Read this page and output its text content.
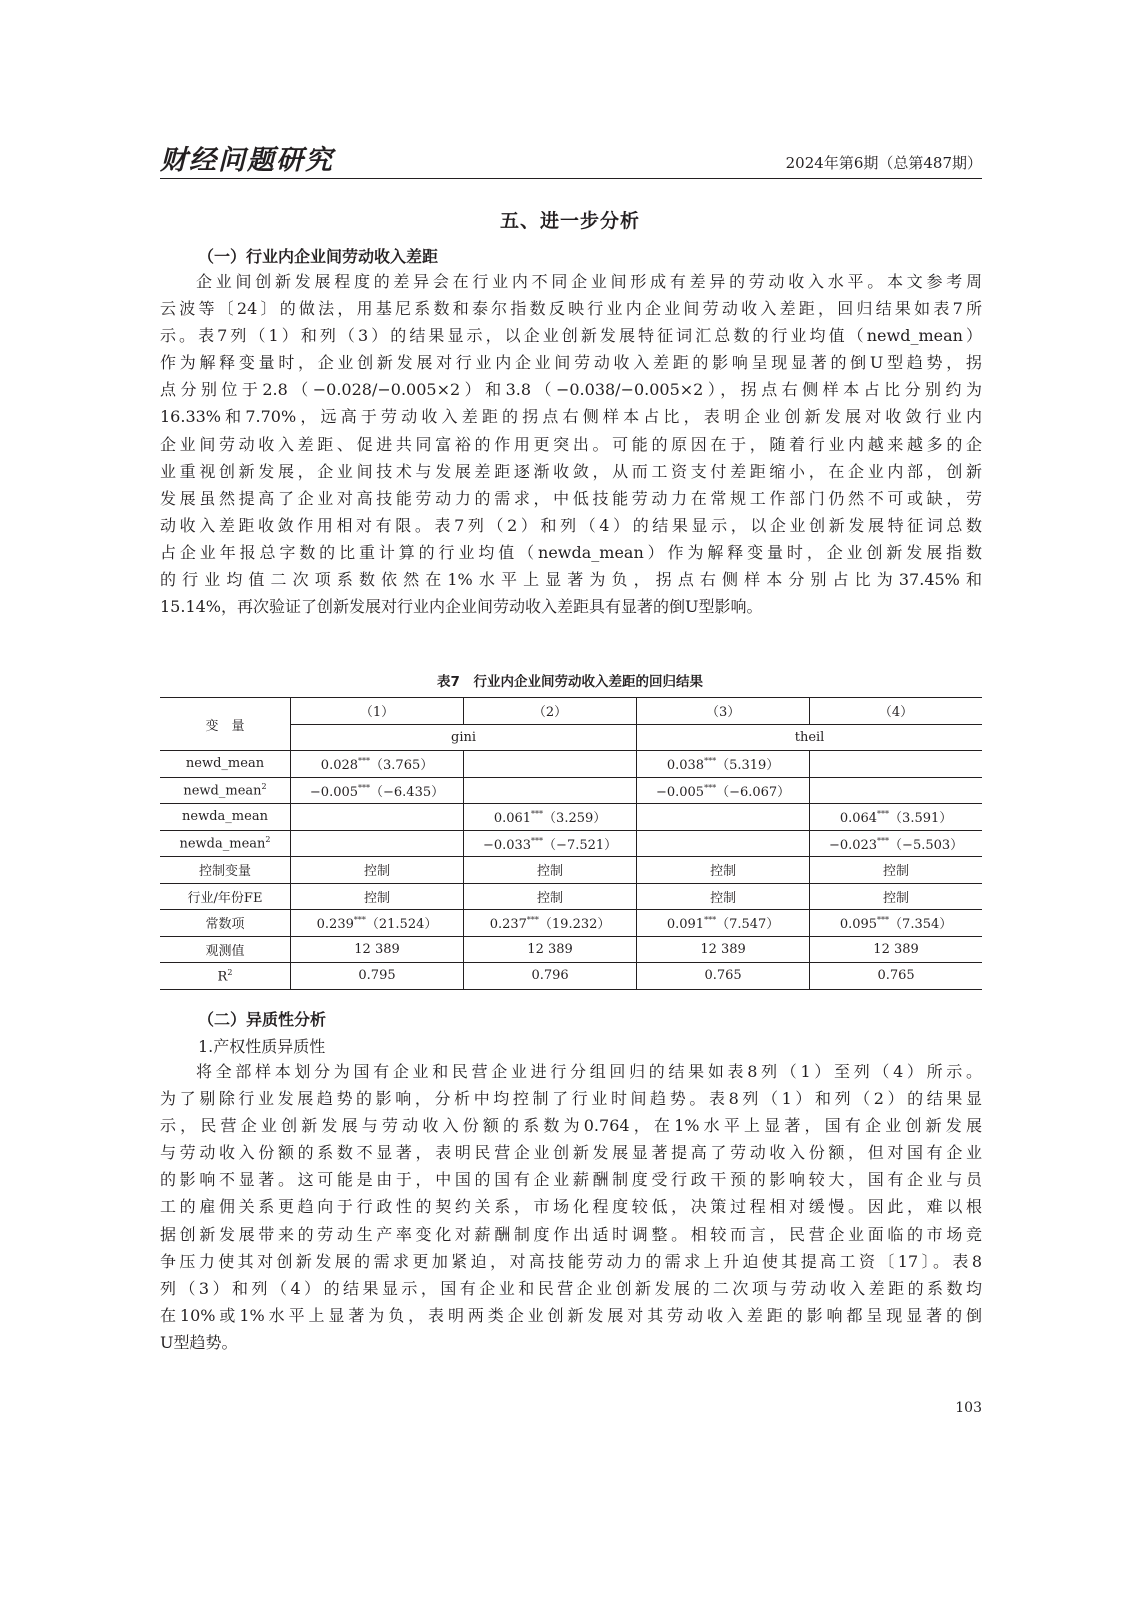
财经问题研究	2024年第6期（总第487期）
五、进一步分析
（一）行业内企业间劳动收入差距
企业间创新发展程度的差异会在行业内不同企业间形成有差异的劳动收入水平。本文参考周
云波等〔24〕的做法，用基尼系数和泰尔指数反映行业内企业间劳动收入差距，回归结果如表7所
示。表7列（1）和列（3）的结果显示，以企业创新发展特征词汇总数的行业均值（newd_mean）
作为解释变量时，企业创新发展对行业内企业间劳动收入差距的影响呈现显著的倒U型趋势，拐
点分别位于2.8（−0.028/−0.005×2）和3.8（−0.038/−0.005×2），拐点右侧样本占比分别约为
16.33%和7.70%，远高于劳动收入差距的拐点右侧样本占比，表明企业创新发展对收敛行业内
企业间劳动收入差距、促进共同富裕的作用更突出。可能的原因在于，随着行业内越来越多的企
业重视创新发展，企业间技术与发展差距逐渐收敛，从而工资支付差距缩小，在企业内部，创新
发展虽然提高了企业对高技能劳动力的需求，中低技能劳动力在常规工作部门仍然不可或缺，劳
动收入差距收敛作用相对有限。表7列（2）和列（4）的结果显示，以企业创新发展特征词总数
占企业年报总字数的比重计算的行业均值（newda_mean）作为解释变量时，企业创新发展指数
的行业均值二次项系数依然在1%水平上显著为负，拐点右侧样本分别占比为37.45%和
15.14%，再次验证了创新发展对行业内企业间劳动收入差距具有显著的倒U型影响。
表7　行业内企业间劳动收入差距的回归结果
变　量	（1）	（2）	（3）	（4）
	gini		theil	
newd_mean	0.028***（3.765）		0.038***（5.319）	
newd_mean$^2$	−0.005***（−6.435）		−0.005***（−6.067）	
newda_mean		0.061***（3.259）		0.064***（3.591）
newda_mean$^2$		−0.033***（−7.521）		−0.023***（−5.503）
控制变量	控制	控制	控制	控制
行业/年份FE	控制	控制	控制	控制
常数项	0.239***（21.524）	0.237***（19.232）	0.091***（7.547）	0.095***（7.354）
观测值	12 389	12 389	12 389	12 389
$R^2$	0.795	0.796	0.765	0.765
（二）异质性分析
1.产权性质异质性
将全部样本划分为国有企业和民营企业进行分组回归的结果如表8列（1）至列（4）所示。
为了剔除行业发展趋势的影响，分析中均控制了行业时间趋势。表8列（1）和列（2）的结果显
示，民营企业创新发展与劳动收入份额的系数为0.764，在1%水平上显著，国有企业创新发展
与劳动收入份额的系数不显著，表明民营企业创新发展显著提高了劳动收入份额，但对国有企业
的影响不显著。这可能是由于，中国的国有企业薪酬制度受行政干预的影响较大，国有企业与员
工的雇佣关系更趋向于行政性的契约关系，市场化程度较低，决策过程相对缓慢。因此，难以根
据创新发展带来的劳动生产率变化对薪酬制度作出适时调整。相较而言，民营企业面临的市场竞
争压力使其对创新发展的需求更加紧迫，对高技能劳动力的需求上升迫使其提高工资〔17〕。表8
列（3）和列（4）的结果显示，国有企业和民营企业创新发展的二次项与劳动收入差距的系数均
在10%或1%水平上显著为负，表明两类企业创新发展对其劳动收入差距的影响都呈现显著的倒
U型趋势。
103
